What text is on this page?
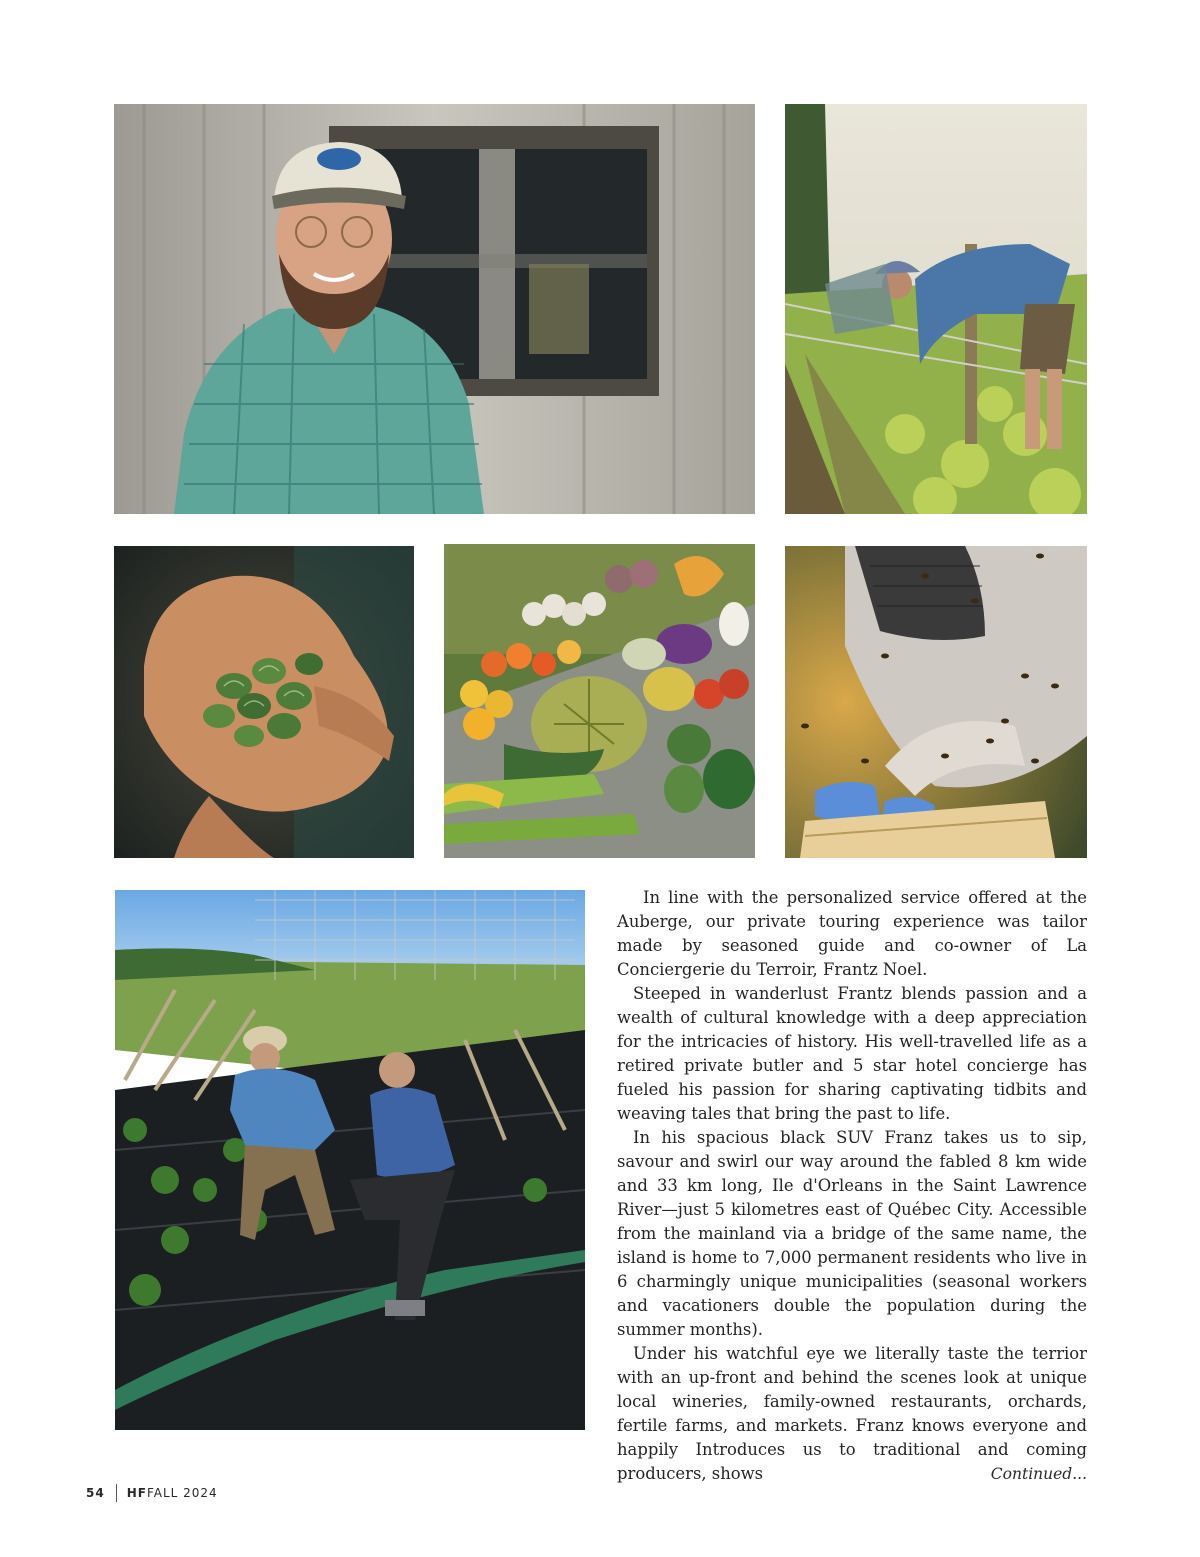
In line with the personalized service offered at the Auberge, our private touring experience was tailor made by seasoned guide and co-owner of La Conciergerie du Terroir, Frantz Noel.

Steeped in wanderlust Frantz blends passion and a wealth of cultural knowledge with a deep appreciation for the intricacies of history. His well-travelled life as a retired private butler and 5 star hotel concierge has fueled his passion for sharing captivating tidbits and weaving tales that bring the past to life.

In his spacious black SUV Franz takes us to sip, savour and swirl our way around the fabled 8 km wide and 33 km long, Ile d'Orleans in the Saint Lawrence River—just 5 kilometres east of Québec City. Accessible from the mainland via a bridge of the same name, the island is home to 7,000 permanent residents who live in 6 charmingly unique municipalities (seasonal workers and vacationers double the population during the summer months).

Under his watchful eye we literally taste the terrior with an up-front and behind the scenes look at unique local wineries, family-owned restaurants, orchards, fertile farms, and markets. Franz knows everyone and happily Introduces us to traditional and coming producers, shows	Continued...
54 HF FALL 2024
